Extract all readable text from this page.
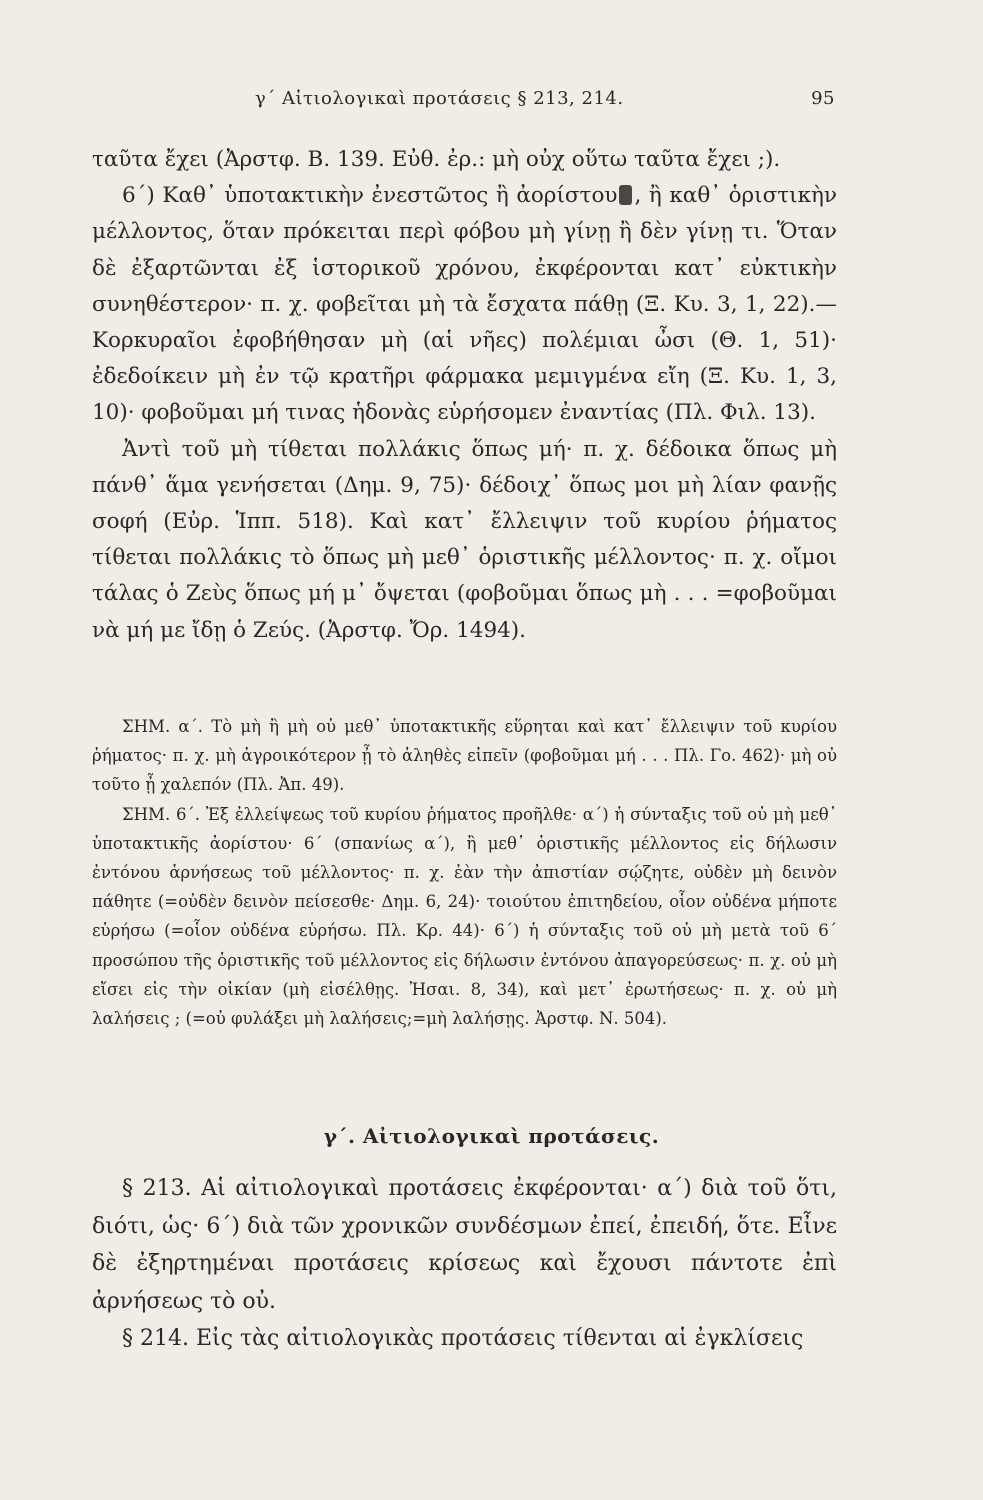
γ΄ Αἰτιολογικαὶ προτάσεις § 213, 214.	95

ταῦτα ἔχει (Ἀρστφ. Β. 139. Εὐθ. ἐρ.: μὴ οὐχ οὕτω ταῦτα ἔχει ;).

6΄) Καθ᾽ ὑποτακτικὴν ἐνεστῶτος ἢ ἀορίστου , ἢ καθ᾽ ὁριστικὴν μέλλοντος, ὅταν πρόκειται περὶ φόβου μὴ γίνῃ ἢ δὲν γίνῃ τι. Ὅταν δὲ ἐξαρτῶνται ἐξ ἱστορικοῦ χρόνου, ἐκφέρονται κατ᾽ εὐκτικὴν συνηθέστερον· π. χ. φοβεῖται μὴ τὰ ἔσχατα πάθῃ (Ξ. Κυ. 3, 1, 22).—Κορκυραῖοι ἐφοβήθησαν μὴ (αἱ νῆες) πολέμιαι ὦσι (Θ. 1, 51)· ἐδεδοίκειν μὴ ἐν τῷ κρατῆρι φάρμακα μεμιγμένα εἴη (Ξ. Κυ. 1, 3, 10)· φοβοῦμαι μή τινας ἡδονὰς εὑρήσομεν ἐναντίας (Πλ. Φιλ. 13).

Ἀντὶ τοῦ μὴ τίθεται πολλάκις ὅπως μή· π. χ. δέδοικα ὅπως μὴ πάνθ᾽ ἅμα γενήσεται (Δημ. 9, 75)· δέδοιχ᾽ ὅπως μοι μὴ λίαν φανῇς σοφή (Εὐρ. Ἱππ. 518). Καὶ κατ᾽ ἔλλειψιν τοῦ κυρίου ῥήματος τίθεται πολλάκις τὸ ὅπως μὴ μεθ᾽ ὁριστικῆς μέλλοντος· π. χ. οἴμοι τάλας ὁ Ζεὺς ὅπως μή μ᾽ ὄψεται (φοβοῦμαι ὅπως μὴ . . . =φοβοῦμαι νὰ μή με ἴδῃ ὁ Ζεύς. (Ἀρστφ. Ὄρ. 1494).

ΣΗΜ. α΄. Τὸ μὴ ἢ μὴ οὐ μεθ᾽ ὑποτακτικῆς εὕρηται καὶ κατ᾽ ἔλλειψιν τοῦ κυρίου ῥήματος· π. χ. μὴ ἀγροικότερον ᾖ τὸ ἀληθὲς εἰπεῖν (φοβοῦμαι μή . . . Πλ. Γο. 462)· μὴ οὐ τοῦτο ᾖ χαλεπόν (Πλ. Ἀπ. 49).

ΣΗΜ. 6΄. Ἐξ ἐλλείψεως τοῦ κυρίου ῥήματος προῆλθε· α΄) ἡ σύνταξις τοῦ οὐ μὴ μεθ᾽ ὑποτακτικῆς ἀορίστου· 6΄ (σπανίως α΄), ἢ μεθ᾽ ὁριστικῆς μέλλοντος εἰς δήλωσιν ἐντόνου ἀρνήσεως τοῦ μέλλοντος· π. χ. ἐὰν τὴν ἀπιστίαν σῴζητε, οὐδὲν μὴ δεινὸν πάθητε (=οὐδὲν δεινὸν πείσεσθε· Δημ. 6, 24)· τοιούτου ἐπιτηδείου, οἷον οὐδένα μήποτε εὑρήσω (=οἷον οὐδένα εὑρήσω. Πλ. Κρ. 44)· 6΄) ἡ σύνταξις τοῦ οὐ μὴ μετὰ τοῦ 6΄ προσώπου τῆς ὁριστικῆς τοῦ μέλλοντος εἰς δήλωσιν ἐντόνου ἀπαγορεύσεως· π. χ. οὐ μὴ εἴσει εἰς τὴν οἰκίαν (μὴ εἰσέλθῃς. Ἠσαι. 8, 34), καὶ μετ᾽ ἐρωτήσεως· π. χ. οὐ μὴ λαλήσεις ; (=οὐ φυλάξει μὴ λαλήσεις;=μὴ λαλήσῃς. Ἀρστφ. Ν. 504).

γ΄. Αἰτιολογικαὶ προτάσεις.

§ 213. Αἱ αἰτιολογικαὶ προτάσεις ἐκφέρονται· α΄) διὰ τοῦ ὅτι, διότι, ὡς· 6΄) διὰ τῶν χρονικῶν συνδέσμων ἐπεί, ἐπειδή, ὅτε. Εἶνε δὲ ἐξηρτημέναι προτάσεις κρίσεως καὶ ἔχουσι πάντοτε ἐπὶ ἀρνήσεως τὸ οὐ.

§ 214. Εἰς τὰς αἰτιολογικὰς προτάσεις τίθενται αἱ ἐγκλίσεις
